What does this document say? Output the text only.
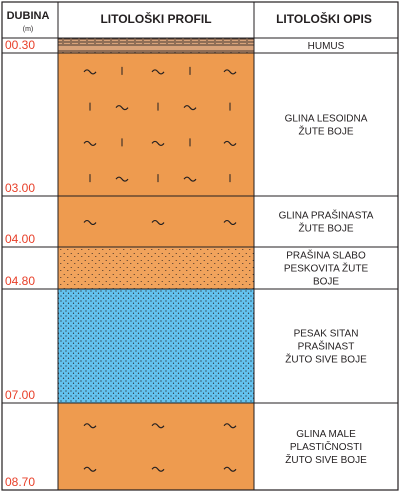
DUBINA
(m)
LITOLOŠKI PROFIL	LITOLOŠKI OPIS
HUMUS
GLINA LESOIDNA
ŽUTE BOJE
GLINA PRAŠINASTA
ŽUTE BOJE
PRAŠINA SLABO
PESKOVITA ŽUTE
BOJE
PESAK SITAN
PRAŠINAST
ŽUTO SIVE BOJE
GLINA MALE
PLASTIČNOSTI
ŽUTO SIVE BOJE
00.30
03.00
04.00
04.80
07.00
08.70
